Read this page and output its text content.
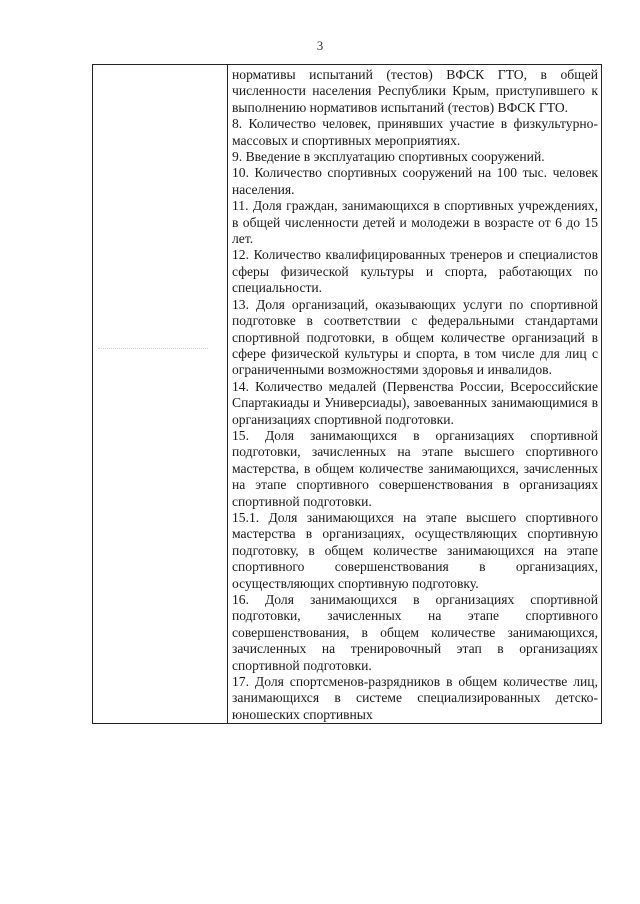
3

нормативы испытаний (тестов) ВФСК ГТО, в общей численности населения Республики Крым, приступившего к выполнению нормативов испытаний (тестов) ВФСК ГТО.

8. Количество человек, принявших участие в физкультурно-массовых и спортивных мероприятиях.

9. Введение в эксплуатацию спортивных сооружений.

10. Количество спортивных сооружений на 100 тыс. человек населения.

11. Доля граждан, занимающихся в спортивных учреждениях, в общей численности детей и молодежи в возрасте от 6 до 15 лет.

12. Количество квалифицированных тренеров и специалистов сферы физической культуры и спорта, работающих по специальности.

13. Доля организаций, оказывающих услуги по спортивной подготовке в соответствии с федеральными стандартами спортивной подготовки, в общем количестве организаций в сфере физической культуры и спорта, в том числе для лиц с ограниченными возможностями здоровья и инвалидов.

14. Количество медалей (Первенства России, Всероссийские Спартакиады и Универсиады), завоеванных занимающимися в организациях спортивной подготовки.

15. Доля занимающихся в организациях спортивной подготовки, зачисленных на этапе высшего спортивного мастерства, в общем количестве занимающихся, зачисленных на этапе спортивного совершенствования в организациях спортивной подготовки.

15.1. Доля занимающихся на этапе высшего спортивного мастерства в организациях, осуществляющих спортивную подготовку, в общем количестве занимающихся на этапе спортивного совершенствования в организациях, осуществляющих спортивную подготовку.

16. Доля занимающихся в организациях спортивной подготовки, зачисленных на этапе спортивного совершенствования, в общем количестве занимающихся, зачисленных на тренировочный этап в организациях спортивной подготовки.

17. Доля спортсменов-разрядников в общем количестве лиц, занимающихся в системе специализированных детско-юношеских спортивных
